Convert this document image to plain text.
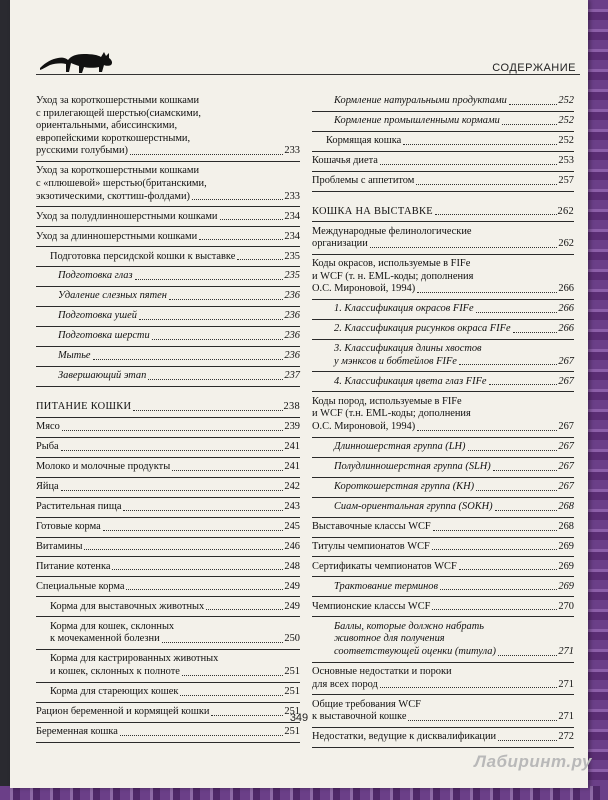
СОДЕРЖАНИЕ
Уход за короткошерстными кошками
с прилегающей шерстью(сиамскими,
ориентальными, абиссинскими,
европейскими короткошерстными,
русскими голубыми)	233
Уход за короткошерстными кошками
с «плюшевой» шерстью(британскими,
экзотическими, скоттиш-фолдами)	233
Уход за полудлинношерстными кошками	234
Уход за длинношерстными кошками	234
Подготовка персидской кошки к выставке	235
Подготовка глаз	235
Удаление слезных пятен	236
Подготовка ушей	236
Подготовка шерсти	236
Мытье	236
Завершающий этап	237
ПИТАНИЕ КОШКИ	238
Мясо	239
Рыба	241
Молоко и молочные продукты	241
Яйца	242
Растительная пища	243
Готовые корма	245
Витамины	246
Питание котенка	248
Специальные корма	249
Корма для выставочных животных	249
Корма для кошек, склонных
к мочекаменной болезни	250
Корма для кастрированных животных
и кошек, склонных к полноте	251
Корма для стареющих кошек	251
Рацион беременной и кормящей кошки	251
Беременная кошка	251
Кормление натуральными продуктами	252
Кормление промышленными кормами	252
Кормящая кошка	252
Кошачья диета	253
Проблемы с аппетитом	257
КОШКА НА ВЫСТАВКЕ	262
Международные фелинологические
организации	262
Коды окрасов, используемые в FIFe
и WCF (т. н. EML-коды; дополнения
О.С. Мироновой, 1994)	266
1. Классификация окрасов FIFe	266
2. Классификация рисунков окраса FIFe	266
3. Классификация длины хвостов
у мэнксов и бобтейлов FIFe	267
4. Классификация цвета глаз FIFe	267
Коды пород, используемые в FIFe
и WCF (т.н. EML-коды; дополнения
О.С. Мироновой, 1994)	267
Длинношерстная группа (LH)	267
Полудлинношерстная группа (SLH)	267
Короткошерстная группа (KH)	267
Сиам-ориентальная группа (SOKH)	268
Выставочные классы WCF	268
Титулы чемпионатов WCF	269
Сертификаты чемпионатов WCF	269
Трактование терминов	269
Чемпионские классы WCF	270
Баллы, которые должно набрать
животное для получения
соответствующей оценки (титула)	271
Основные недостатки и пороки
для всех пород	271
Общие требования WCF
к выставочной кошке	271
Недостатки, ведущие к дисквалификации	272
349
Лабиринт.ру
